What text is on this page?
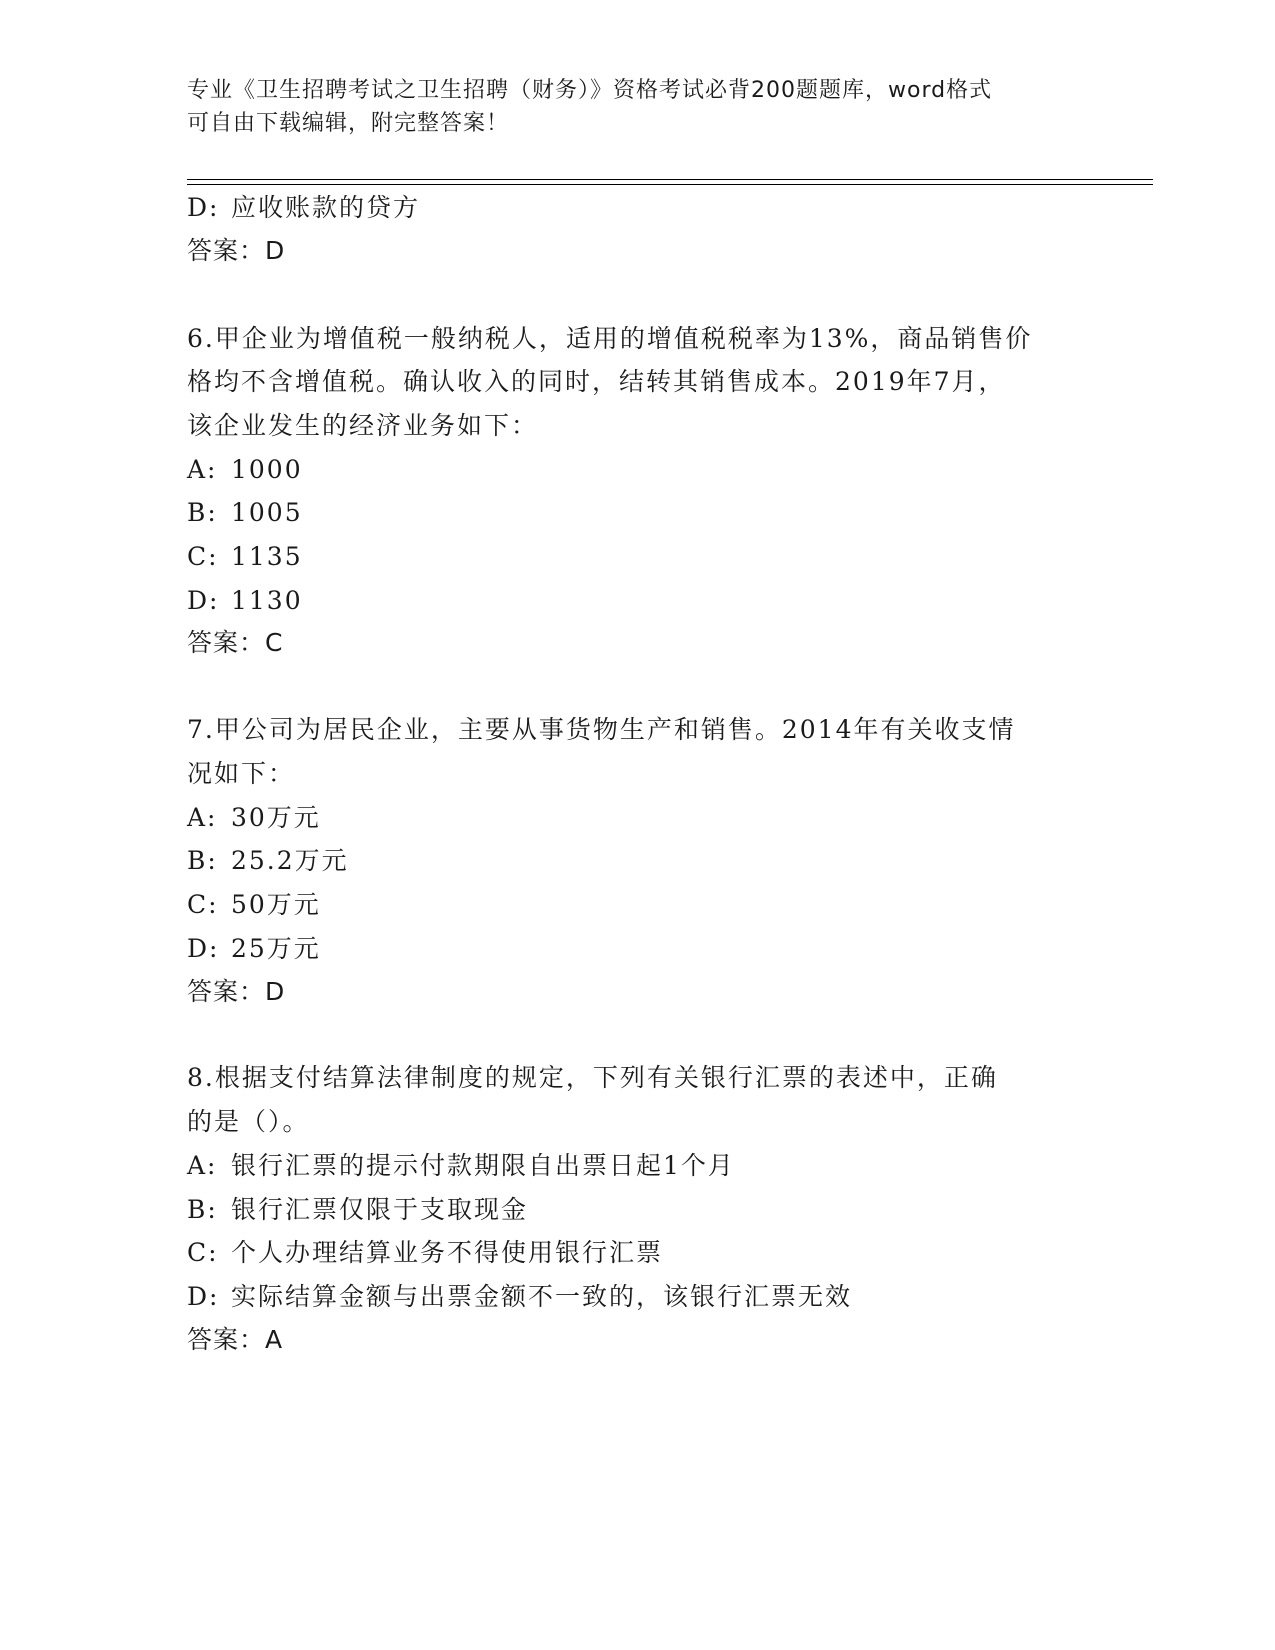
专业《卫生招聘考试之卫生招聘（财务）》资格考试必背200题题库，word格式
可自由下载编辑，附完整答案！
D: 应收账款的贷方
答案：D
6.甲企业为增值税一般纳税人，适用的增值税税率为13%，商品销售价
格均不含增值税。确认收入的同时，结转其销售成本。2019年7月，
该企业发生的经济业务如下：
A: 1000
B: 1005
C: 1135
D: 1130
答案：C
7.甲公司为居民企业，主要从事货物生产和销售。2014年有关收支情
况如下：
A: 30万元
B: 25.2万元
C: 50万元
D: 25万元
答案：D
8.根据支付结算法律制度的规定，下列有关银行汇票的表述中，正确
的是（）。
A: 银行汇票的提示付款期限自出票日起1个月
B: 银行汇票仅限于支取现金
C: 个人办理结算业务不得使用银行汇票
D: 实际结算金额与出票金额不一致的，该银行汇票无效
答案：A
